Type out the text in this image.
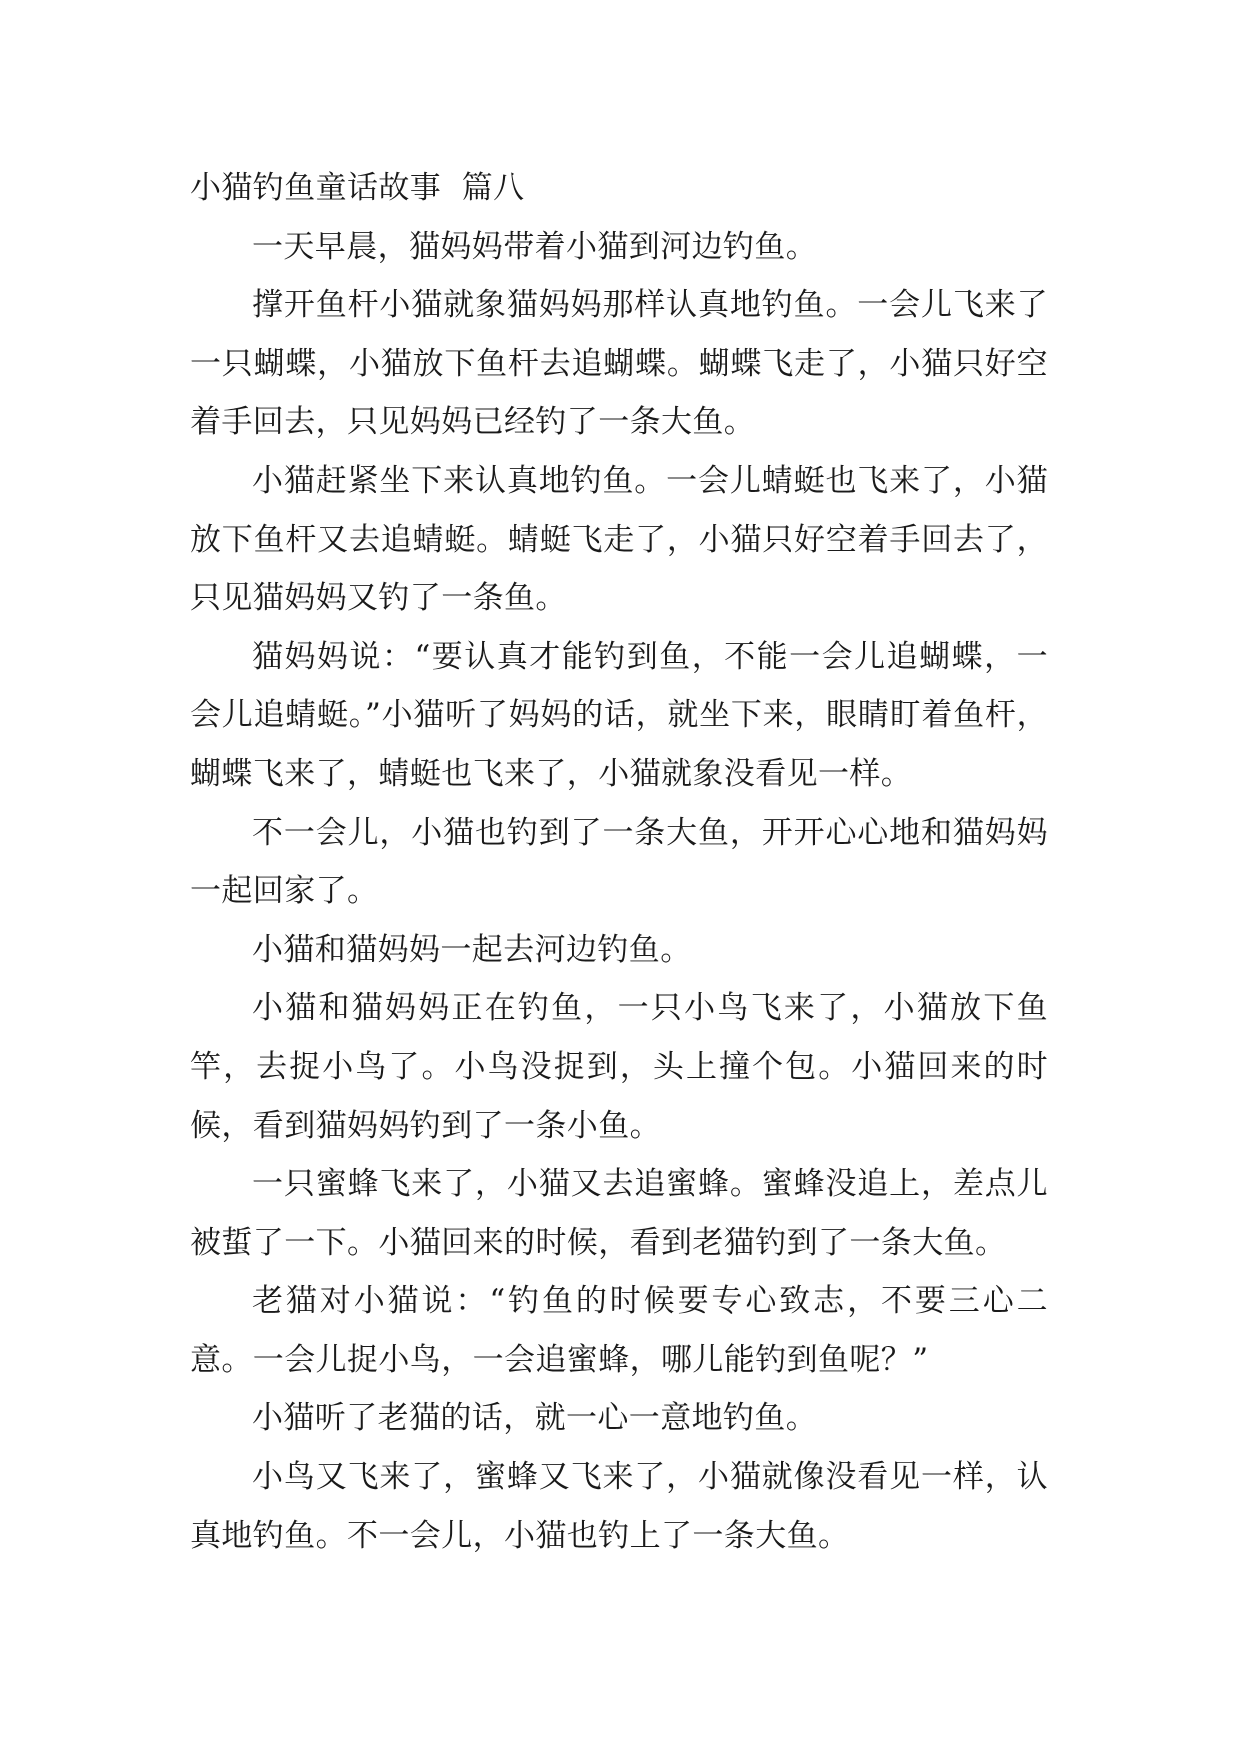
小猫钓鱼童话故事  篇八

一天早晨，猫妈妈带着小猫到河边钓鱼。

撑开鱼杆小猫就象猫妈妈那样认真地钓鱼。一会儿飞来了一只蝴蝶，小猫放下鱼杆去追蝴蝶。蝴蝶飞走了，小猫只好空着手回去，只见妈妈已经钓了一条大鱼。

小猫赶紧坐下来认真地钓鱼。一会儿蜻蜓也飞来了，小猫放下鱼杆又去追蜻蜓。蜻蜓飞走了，小猫只好空着手回去了，只见猫妈妈又钓了一条鱼。

猫妈妈说：“要认真才能钓到鱼，不能一会儿追蝴蝶，一会儿追蜻蜓。”小猫听了妈妈的话，就坐下来，眼睛盯着鱼杆，蝴蝶飞来了，蜻蜓也飞来了，小猫就象没看见一样。

不一会儿，小猫也钓到了一条大鱼，开开心心地和猫妈妈一起回家了。

小猫和猫妈妈一起去河边钓鱼。

小猫和猫妈妈正在钓鱼，一只小鸟飞来了，小猫放下鱼竿，去捉小鸟了。小鸟没捉到，头上撞个包。小猫回来的时候，看到猫妈妈钓到了一条小鱼。

一只蜜蜂飞来了，小猫又去追蜜蜂。蜜蜂没追上，差点儿被蜇了一下。小猫回来的时候，看到老猫钓到了一条大鱼。

老猫对小猫说：“钓鱼的时候要专心致志，不要三心二意。一会儿捉小鸟，一会追蜜蜂，哪儿能钓到鱼呢？”

小猫听了老猫的话，就一心一意地钓鱼。

小鸟又飞来了，蜜蜂又飞来了，小猫就像没看见一样，认真地钓鱼。不一会儿，小猫也钓上了一条大鱼。
